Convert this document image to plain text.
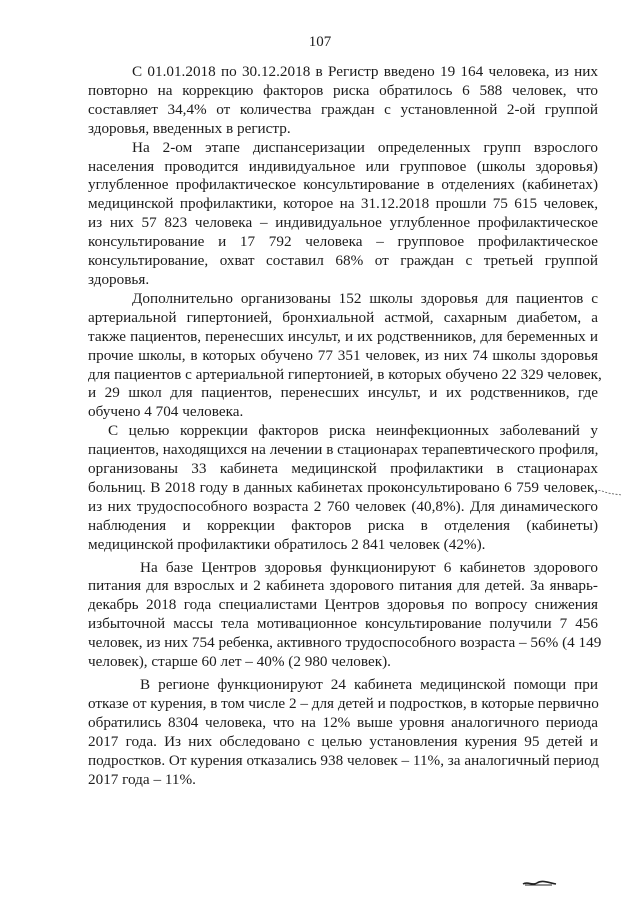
107

С 01.01.2018 по 30.12.2018 в Регистр введено 19 164 человека, из них
повторно на коррекцию факторов риска обратилось 6 588 человек, что
составляет 34,4% от количества граждан с установленной 2-ой группой
здоровья, введенных в регистр.

На 2-ом этапе диспансеризации определенных групп взрослого
населения проводится индивидуальное или групповое (школы здоровья)
углубленное профилактическое консультирование в отделениях (кабинетах)
медицинской профилактики, которое на 31.12.2018 прошли 75 615 человек,
из них 57 823 человека – индивидуальное углубленное профилактическое
консультирование и 17 792 человека – групповое профилактическое
консультирование, охват составил 68% от граждан с третьей группой
здоровья.

Дополнительно организованы 152 школы здоровья для пациентов с
артериальной гипертонией, бронхиальной астмой, сахарным диабетом, а
также пациентов, перенесших инсульт, и их родственников, для беременных и
прочие школы, в которых обучено 77 351 человек, из них 74 школы здоровья
для пациентов с артериальной гипертонией, в которых обучено 22 329 человек,
и 29 школ для пациентов, перенесших инсульт, и их родственников, где
обучено 4 704 человека.

С целью коррекции факторов риска неинфекционных заболеваний у
пациентов, находящихся на лечении в стационарах терапевтического профиля,
организованы 33 кабинета медицинской профилактики в стационарах
больниц. В 2018 году в данных кабинетах проконсультировано 6 759 человек,
из них трудоспособного возраста 2 760 человек (40,8%). Для динамического
наблюдения и коррекции факторов риска в отделения (кабинеты)
медицинской профилактики обратилось 2 841 человек (42%).

На базе Центров здоровья функционируют 6 кабинетов здорового
питания для взрослых и 2 кабинета здорового питания для детей. За январь-
декабрь 2018 года специалистами Центров здоровья по вопросу снижения
избыточной массы тела мотивационное консультирование получили 7 456
человек, из них 754 ребенка, активного трудоспособного возраста – 56% (4 149
человек), старше 60 лет – 40% (2 980 человек).

В регионе функционируют 24 кабинета медицинской помощи при
отказе от курения, в том числе 2 – для детей и подростков, в которые первично
обратились 8304 человека, что на 12% выше уровня аналогичного периода
2017 года. Из них обследовано с целью установления курения 95 детей и
подростков. От курения отказались 938 человек – 11%, за аналогичный период
2017 года – 11%.
